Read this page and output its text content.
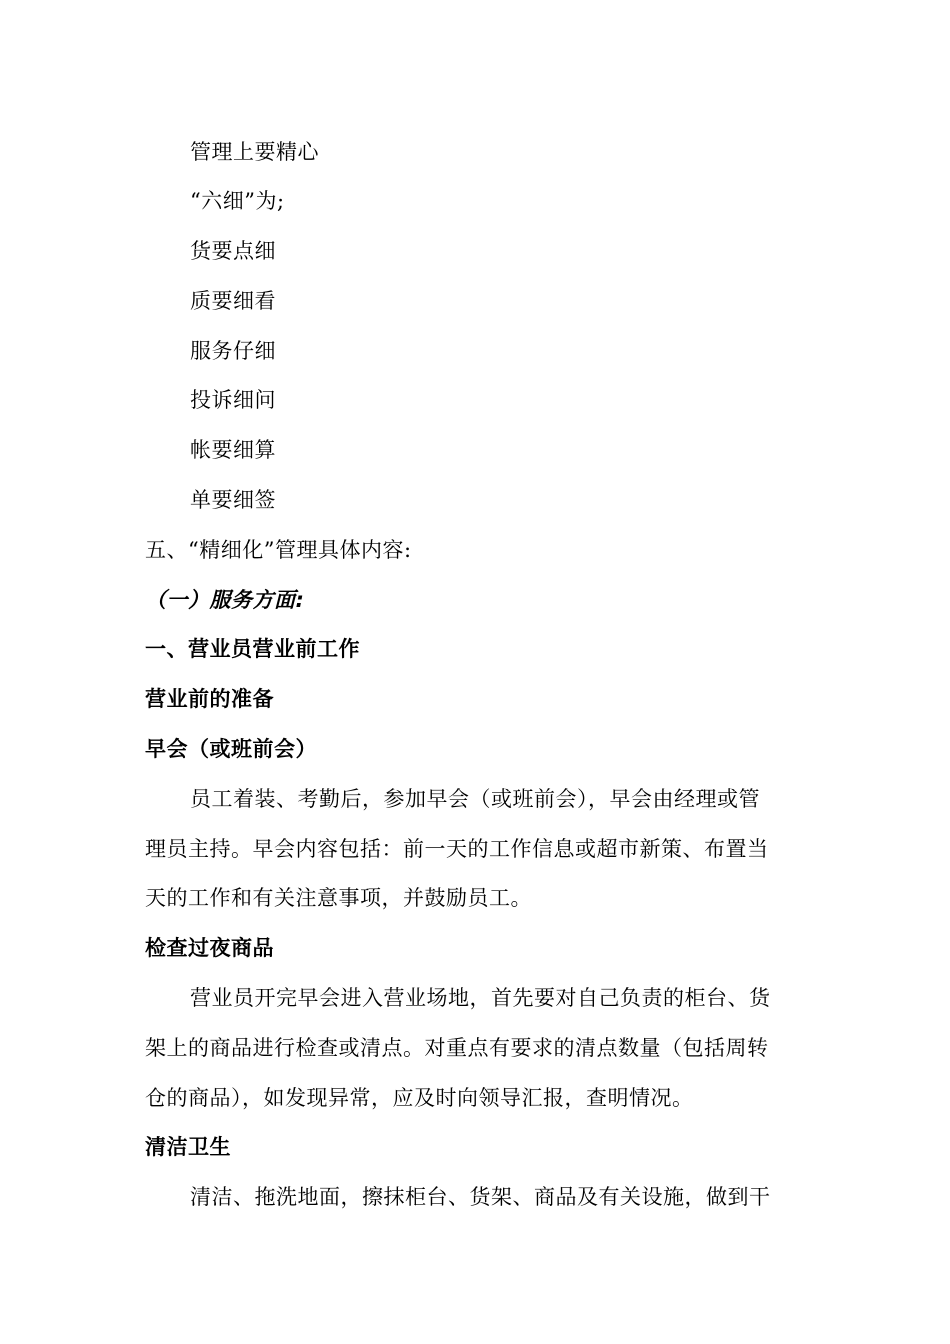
管理上要精心
“六细”为;
货要点细
质要细看
服务仔细
投诉细问
帐要细算
单要细签
五、“精细化”管理具体内容:
（一）服务方面:
一、营业员营业前工作
营业前的准备
早会（或班前会）
员工着装、考勤后，参加早会（或班前会），早会由经理或管
理员主持。早会内容包括：前一天的工作信息或超市新策、布置当
天的工作和有关注意事项，并鼓励员工。
检查过夜商品
营业员开完早会进入营业场地，首先要对自己负责的柜台、货
架上的商品进行检查或清点。对重点有要求的清点数量（包括周转
仓的商品），如发现异常，应及时向领导汇报，查明情况。
清洁卫生
清洁、拖洗地面，擦抹柜台、货架、商品及有关设施，做到干
